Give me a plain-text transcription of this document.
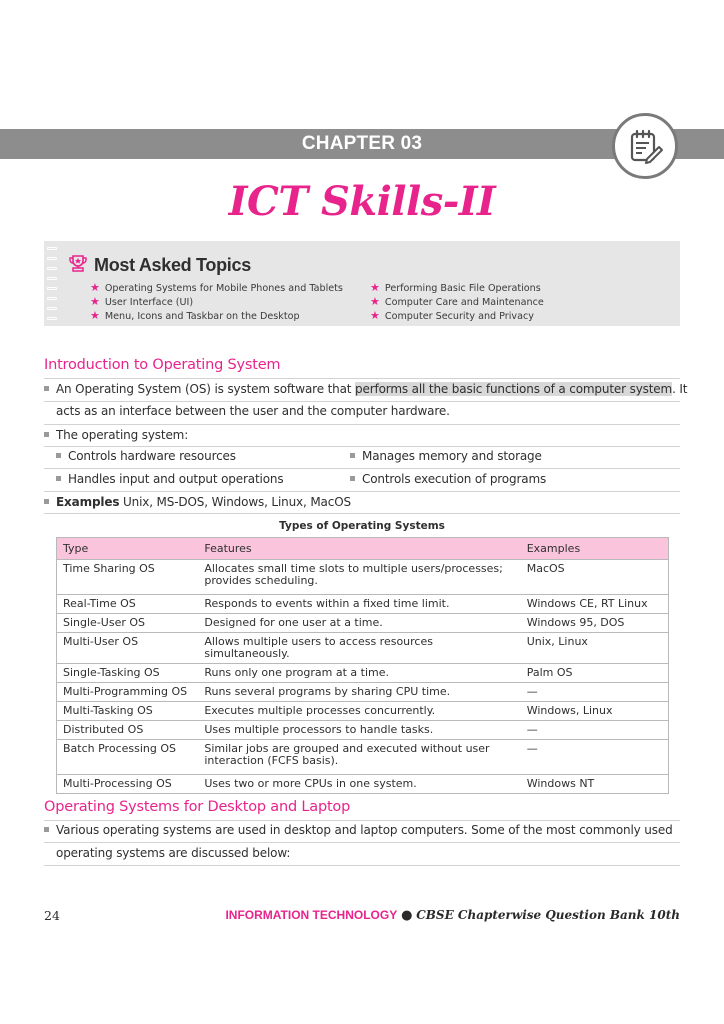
CHAPTER 03
ICT Skills-II
Most Asked Topics
★ Operating Systems for Mobile Phones and Tablets
★ User Interface (UI)
★ Menu, Icons and Taskbar on the Desktop
★ Performing Basic File Operations
★ Computer Care and Maintenance
★ Computer Security and Privacy
Introduction to Operating System
An Operating System (OS) is system software that performs all the basic functions of a computer system. It
acts as an interface between the user and the computer hardware.
The operating system:
Controls hardware resources	Manages memory and storage
Handles input and output operations	Controls execution of programs
Examples Unix, MS-DOS, Windows, Linux, MacOS
Types of Operating Systems
Type	Features	Examples
Time Sharing OS	Allocates small time slots to multiple users/processes; provides scheduling.	MacOS
Real-Time OS	Responds to events within a fixed time limit.	Windows CE, RT Linux
Single-User OS	Designed for one user at a time.	Windows 95, DOS
Multi-User OS	Allows multiple users to access resources simultaneously.	Unix, Linux
Single-Tasking OS	Runs only one program at a time.	Palm OS
Multi-Programming OS	Runs several programs by sharing CPU time.	—
Multi-Tasking OS	Executes multiple processes concurrently.	Windows, Linux
Distributed OS	Uses multiple processors to handle tasks.	—
Batch Processing OS	Similar jobs are grouped and executed without user interaction (FCFS basis).	—
Multi-Processing OS	Uses two or more CPUs in one system.	Windows NT
Operating Systems for Desktop and Laptop
Various operating systems are used in desktop and laptop computers. Some of the most commonly used
operating systems are discussed below:
24	INFORMATION TECHNOLOGY ● CBSE Chapterwise Question Bank 10th
